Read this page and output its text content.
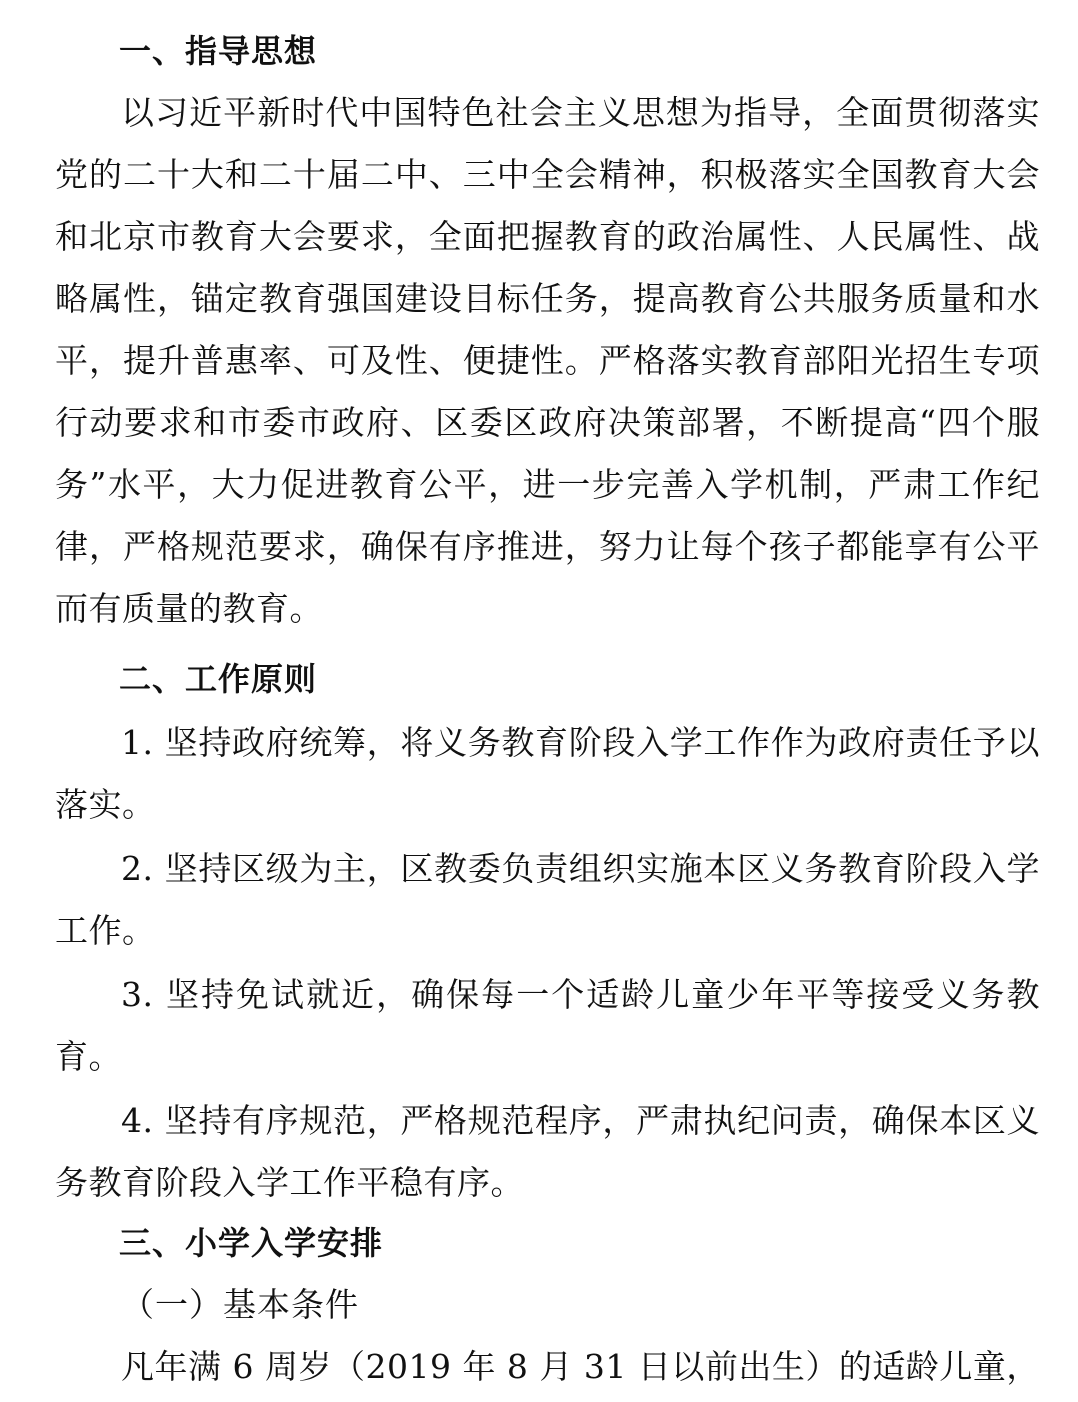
一、指导思想

以习近平新时代中国特色社会主义思想为指导，全面贯彻落实党的二十大和二十届二中、三中全会精神，积极落实全国教育大会和北京市教育大会要求，全面把握教育的政治属性、人民属性、战略属性，锚定教育强国建设目标任务，提高教育公共服务质量和水平，提升普惠率、可及性、便捷性。严格落实教育部阳光招生专项行动要求和市委市政府、区委区政府决策部署，不断提高“四个服务”水平，大力促进教育公平，进一步完善入学机制，严肃工作纪律，严格规范要求，确保有序推进，努力让每个孩子都能享有公平而有质量的教育。

二、工作原则

1. 坚持政府统筹，将义务教育阶段入学工作作为政府责任予以落实。

2. 坚持区级为主，区教委负责组织实施本区义务教育阶段入学工作。

3. 坚持免试就近，确保每一个适龄儿童少年平等接受义务教育。

4. 坚持有序规范，严格规范程序，严肃执纪问责，确保本区义务教育阶段入学工作平稳有序。

三、小学入学安排

（一）基本条件

凡年满 6 周岁（2019 年 8 月 31 日以前出生）的适龄儿童，
